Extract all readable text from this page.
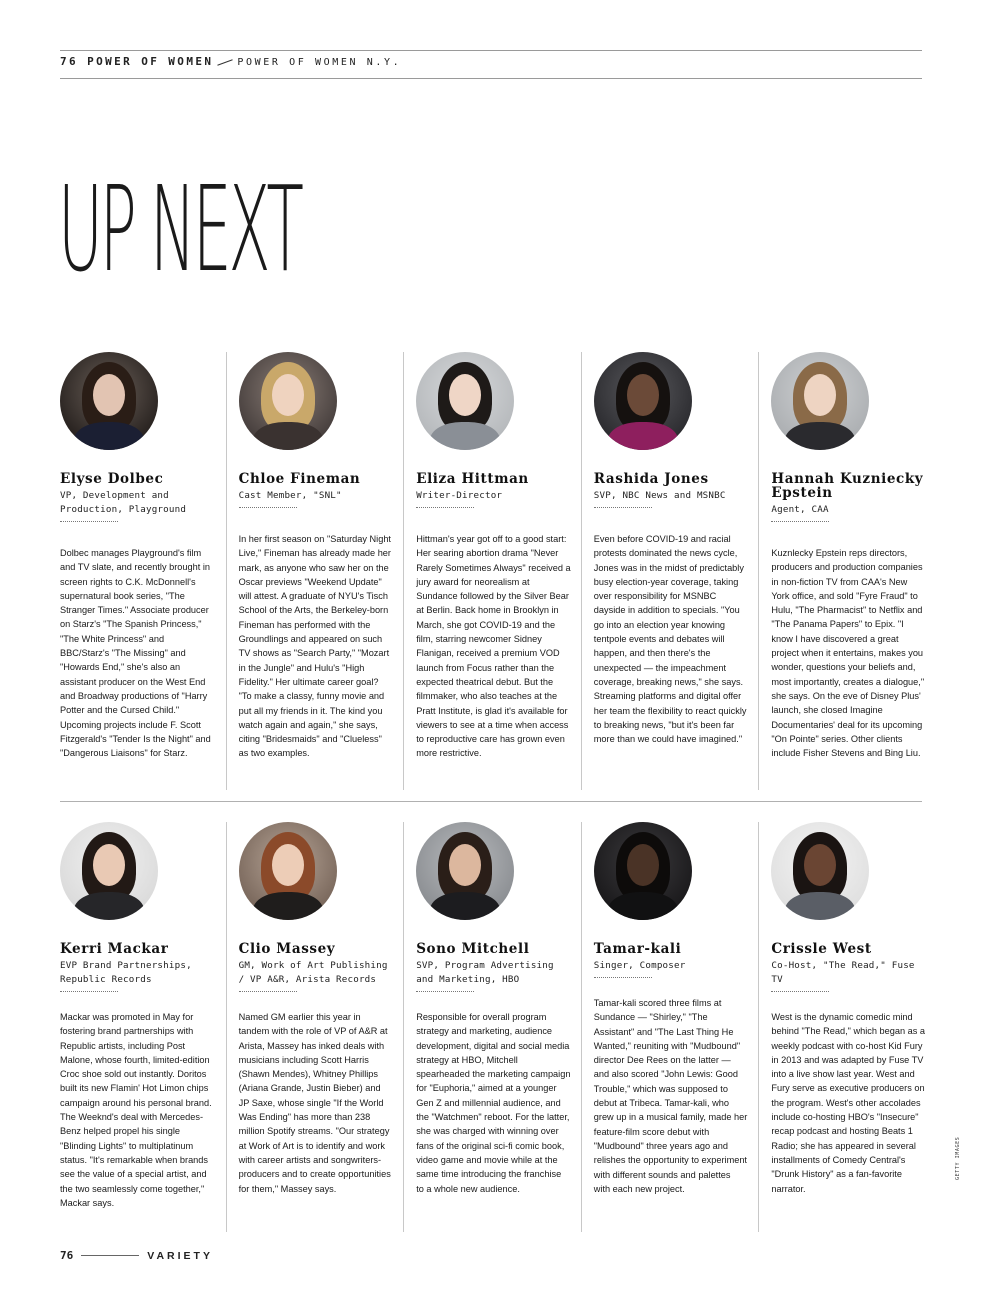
76 POWER OF WOMEN POWER OF WOMEN N.Y.
UP NEXT
Elyse Dolbec
VP, Development and Production, Playground
Dolbec manages Playground's film and TV slate, and recently brought in screen rights to C.K. McDonnell's supernatural book series, "The Stranger Times." Associate producer on Starz's "The Spanish Princess," "The White Princess" and BBC/Starz's "The Missing" and "Howards End," she's also an assistant producer on the West End and Broadway productions of "Harry Potter and the Cursed Child." Upcoming projects include F. Scott Fitzgerald's "Tender Is the Night" and "Dangerous Liaisons" for Starz.
Chloe Fineman
Cast Member, "SNL"
In her first season on "Saturday Night Live," Fineman has already made her mark, as anyone who saw her on the Oscar previews "Weekend Update" will attest. A graduate of NYU's Tisch School of the Arts, the Berkeley-born Fineman has performed with the Groundlings and appeared on such TV shows as "Search Party," "Mozart in the Jungle" and Hulu's "High Fidelity." Her ultimate career goal? "To make a classy, funny movie and put all my friends in it. The kind you watch again and again," she says, citing "Bridesmaids" and "Clueless" as two examples.
Eliza Hittman
Writer-Director
Hittman's year got off to a good start: Her searing abortion drama "Never Rarely Sometimes Always" received a jury award for neorealism at Sundance followed by the Silver Bear at Berlin. Back home in Brooklyn in March, she got COVID-19 and the film, starring newcomer Sidney Flanigan, received a premium VOD launch from Focus rather than the expected theatrical debut. But the filmmaker, who also teaches at the Pratt Institute, is glad it's available for viewers to see at a time when access to reproductive care has grown even more restrictive.
Rashida Jones
SVP, NBC News and MSNBC
Even before COVID-19 and racial protests dominated the news cycle, Jones was in the midst of predictably busy election-year coverage, taking over responsibility for MSNBC dayside in addition to specials. "You go into an election year knowing tentpole events and debates will happen, and then there's the unexpected — the impeachment coverage, breaking news," she says. Streaming platforms and digital offer her team the flexibility to react quickly to breaking news, "but it's been far more than we could have imagined."
Hannah Kuzniecky Epstein
Agent, CAA
Kuznlecky Epstein reps directors, producers and production companies in non-fiction TV from CAA's New York office, and sold "Fyre Fraud" to Hulu, "The Pharmacist" to Netflix and "The Panama Papers" to Epix. "I know I have discovered a great project when it entertains, makes you wonder, questions your beliefs and, most importantly, creates a dialogue," she says. On the eve of Disney Plus' launch, she closed Imagine Documentaries' deal for its upcoming "On Pointe" series. Other clients include Fisher Stevens and Bing Liu.
Kerri Mackar
EVP Brand Partnerships, Republic Records
Mackar was promoted in May for fostering brand partnerships with Republic artists, including Post Malone, whose fourth, limited-edition Croc shoe sold out instantly. Doritos built its new Flamin' Hot Limon chips campaign around his personal brand. The Weeknd's deal with Mercedes-Benz helped propel his single "Blinding Lights" to multiplatinum status. "It's remarkable when brands see the value of a special artist, and the two seamlessly come together," Mackar says.
Clio Massey
GM, Work of Art Publishing / VP A&R, Arista Records
Named GM earlier this year in tandem with the role of VP of A&R at Arista, Massey has inked deals with musicians including Scott Harris (Shawn Mendes), Whitney Phillips (Ariana Grande, Justin Bieber) and JP Saxe, whose single "If the World Was Ending" has more than 238 million Spotify streams. "Our strategy at Work of Art is to identify and work with career artists and songwriters-producers and to create opportunities for them," Massey says.
Sono Mitchell
SVP, Program Advertising and Marketing, HBO
Responsible for overall program strategy and marketing, audience development, digital and social media strategy at HBO, Mitchell spearheaded the marketing campaign for "Euphoria," aimed at a younger Gen Z and millennial audience, and the "Watchmen" reboot. For the latter, she was charged with winning over fans of the original sci-fi comic book, video game and movie while at the same time introducing the franchise to a whole new audience.
Tamar-kali
Singer, Composer
Tamar-kali scored three films at Sundance — "Shirley," "The Assistant" and "The Last Thing He Wanted," reuniting with "Mudbound" director Dee Rees on the latter — and also scored "John Lewis: Good Trouble," which was supposed to debut at Tribeca. Tamar-kali, who grew up in a musical family, made her feature-film score debut with "Mudbound" three years ago and relishes the opportunity to experiment with different sounds and palettes with each new project.
Crissle West
Co-Host, "The Read," Fuse TV
West is the dynamic comedic mind behind "The Read," which began as a weekly podcast with co-host Kid Fury in 2013 and was adapted by Fuse TV into a live show last year. West and Fury serve as executive producers on the program. West's other accolades include co-hosting HBO's "Insecure" recap podcast and hosting Beats 1 Radio; she has appeared in several installments of Comedy Central's "Drunk History" as a fan-favorite narrator.
GETTY IMAGES
76	VARIETY
